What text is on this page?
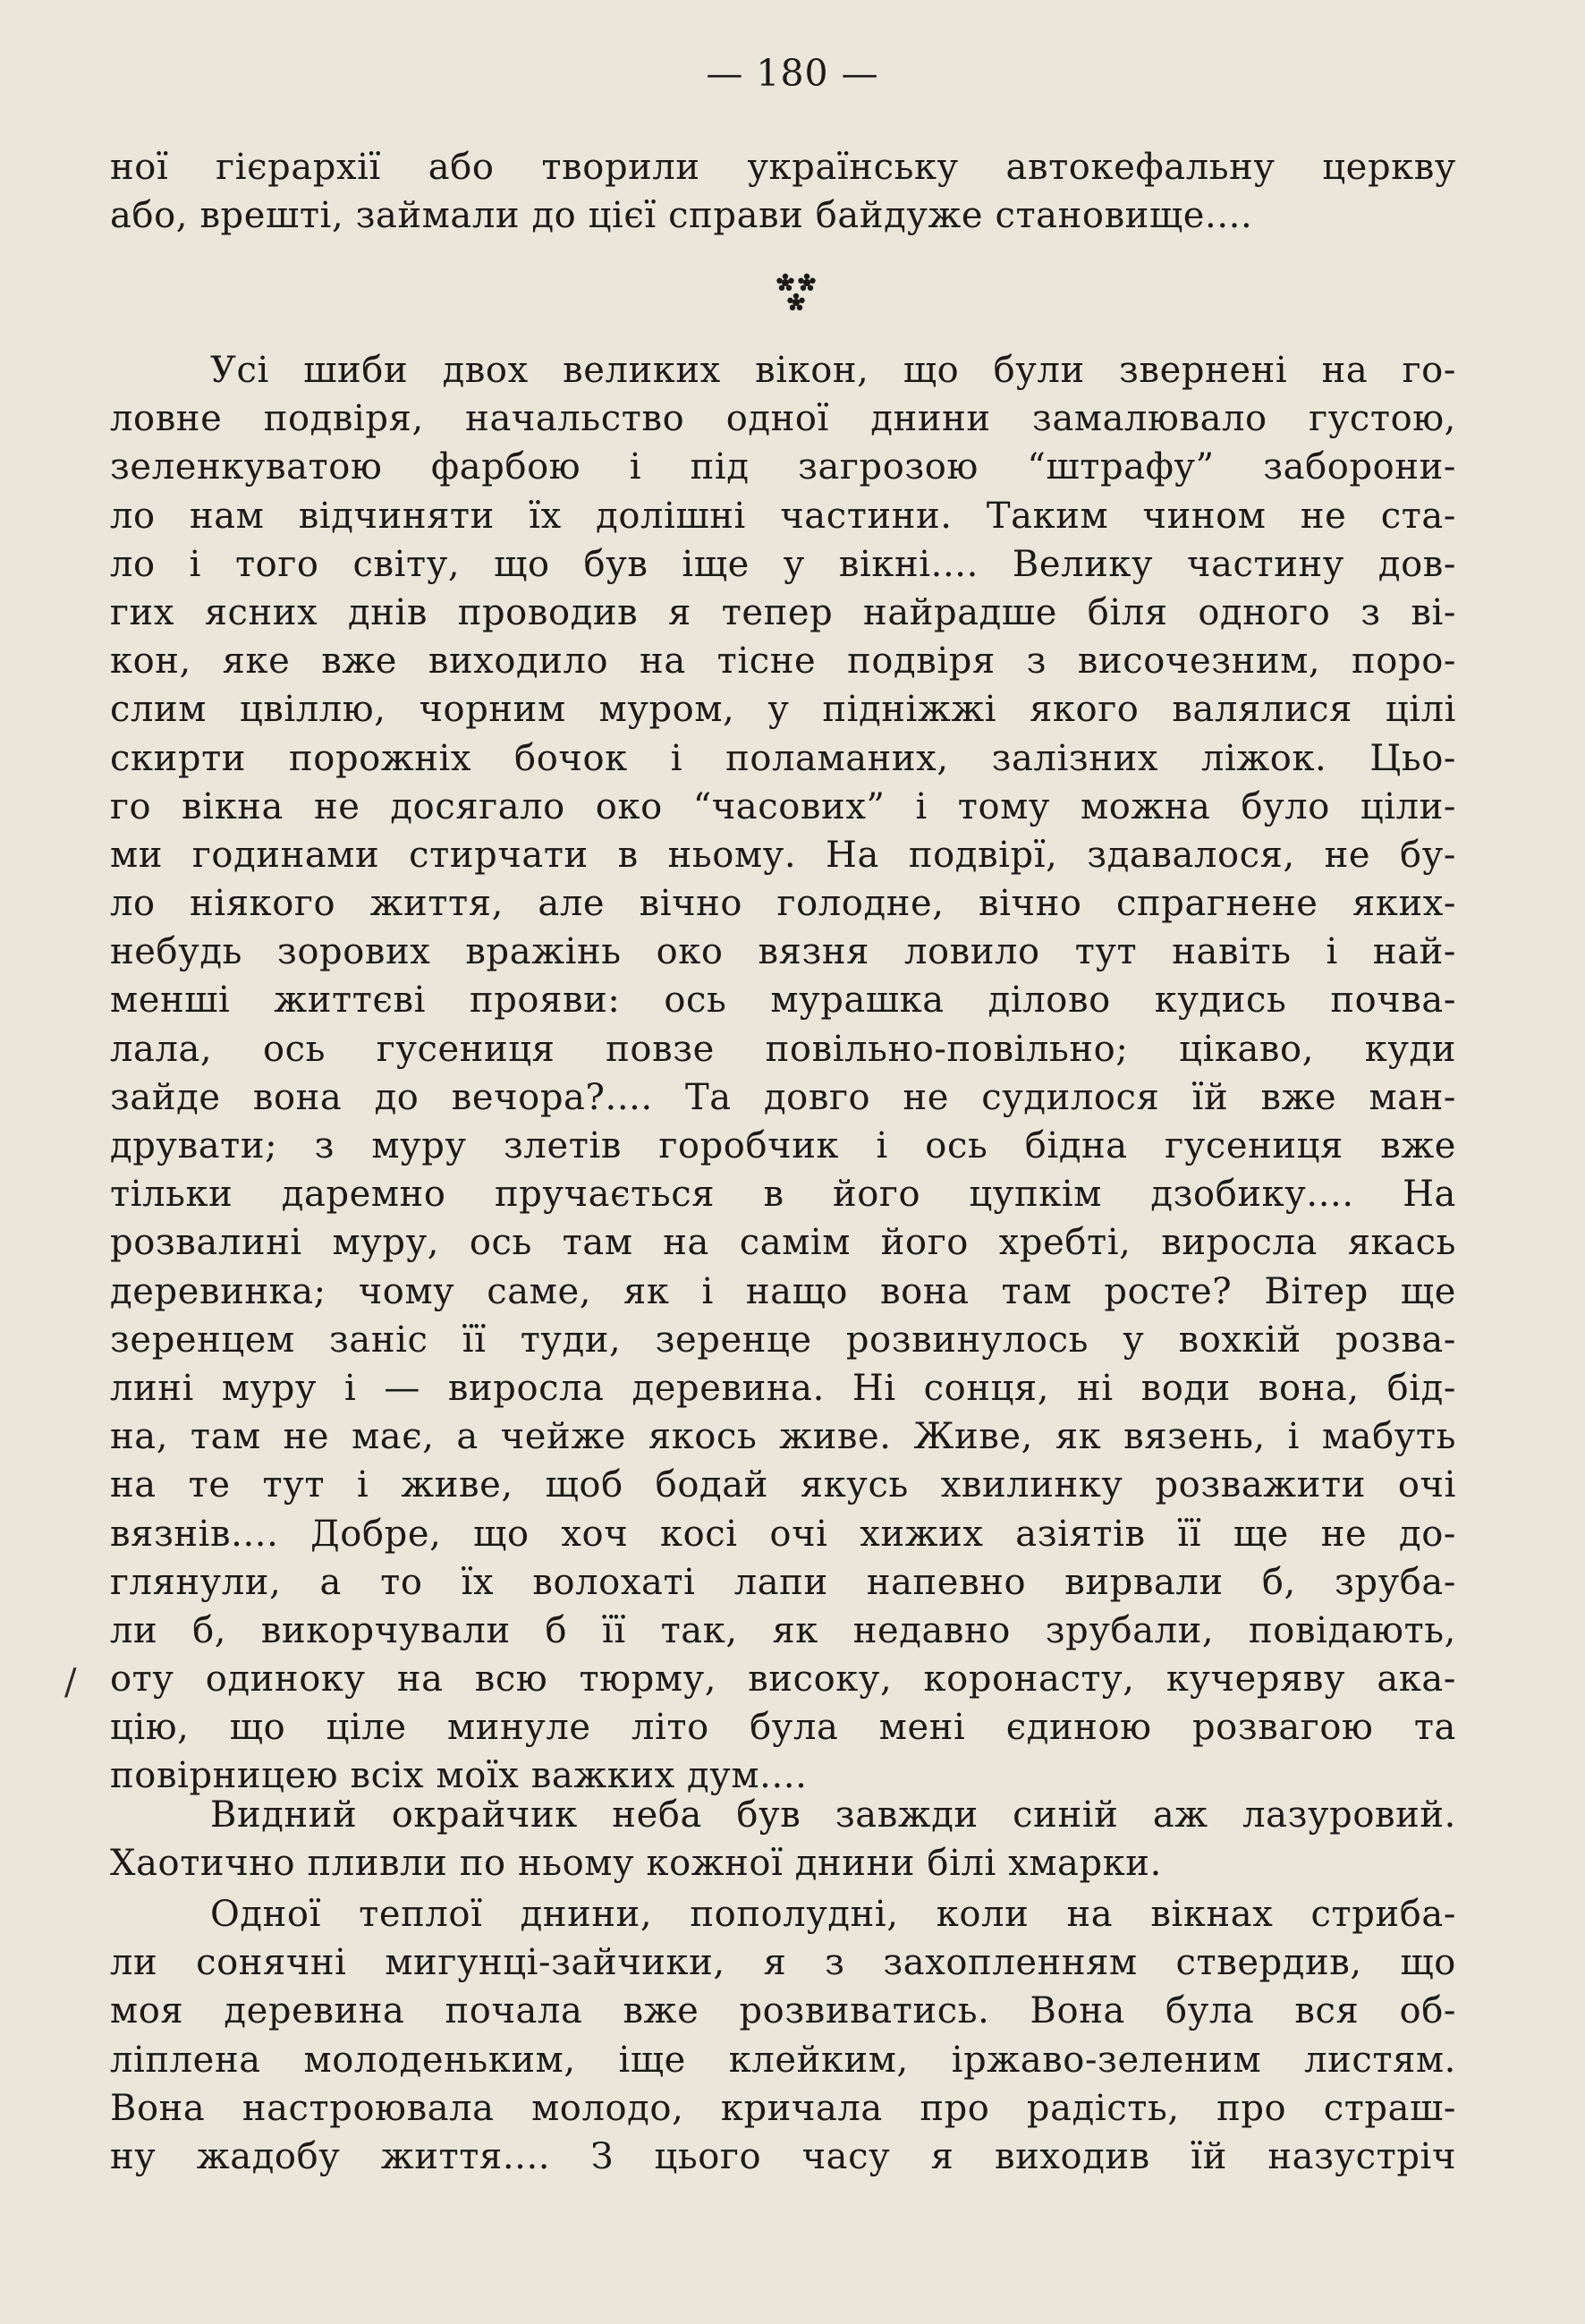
— 180 —
ної гієрархії або творили українську автокефальну церкву
або, врешті, займали до цієї справи байдуже становище....
Усі шиби двох великих вікон, що були звернені на го-
ловне подвіря, начальство одної днини замалювало густою,
зеленкуватою фарбою і під загрозою “штрафу” заборони-
ло нам відчиняти їх долішні частини. Таким чином не ста-
ло і того світу, що був іще у вікні.... Велику частину дов-
гих ясних днів проводив я тепер найрадше біля одного з ві-
кон, яке вже виходило на тісне подвіря з височезним, поро-
слим цвіллю, чорним муром, у підніжжі якого валялися цілі
скирти порожніх бочок і поламаних, залізних ліжок. Цьо-
го вікна не досягало око “часових” і тому можна було ціли-
ми годинами стирчати в ньому. На подвірї, здавалося, не бу-
ло ніякого життя, але вічно голодне, вічно спрагнене яких-
небудь зорових вражінь око вязня ловило тут навіть і най-
менші життєві прояви: ось мурашка ділово кудись почва-
лала, ось гусениця повзе повільно-повільно; цікаво, куди
зайде вона до вечора?.... Та довго не судилося їй вже ман-
друвати; з муру злетів горобчик і ось бідна гусениця вже
тільки даремно пручається в його цупкім дзобику.... На
розвалині муру, ось там на самім його хребті, виросла якась
деревинка; чому саме, як і нащо вона там росте? Вітер ще
зеренцем заніс її туди, зеренце розвинулось у вохкій розва-
лині муру і — виросла деревина. Ні сонця, ні води вона, бід-
на, там не має, а чейже якось живе. Живе, як вязень, і мабуть
на те тут і живе, щоб бодай якусь хвилинку розважити очі
вязнів.... Добре, що хоч косі очі хижих азіятів її ще не до-
глянули, а то їх волохаті лапи напевно вирвали б, зруба-
ли б, викорчували б її так, як недавно зрубали, повідають,
оту одиноку на всю тюрму, високу, коронасту, кучеряву ака-
цію, що ціле минуле літо була мені єдиною розвагою та
повірницею всіх моїх важких дум....
/
Видний окрайчик неба був завжди синій аж лазуровий.
Хаотично пливли по ньому кожної днини білі хмарки.
Одної теплої днини, пополудні, коли на вікнах стриба-
ли сонячні мигунці-зайчики, я з захопленням ствердив, що
моя деревина почала вже розвиватись. Вона була вся об-
ліплена молоденьким, іще клейким, іржаво-зеленим листям.
Вона настроювала молодо, кричала про радість, про страш-
ну жадобу життя.... З цього часу я виходив їй назустріч
